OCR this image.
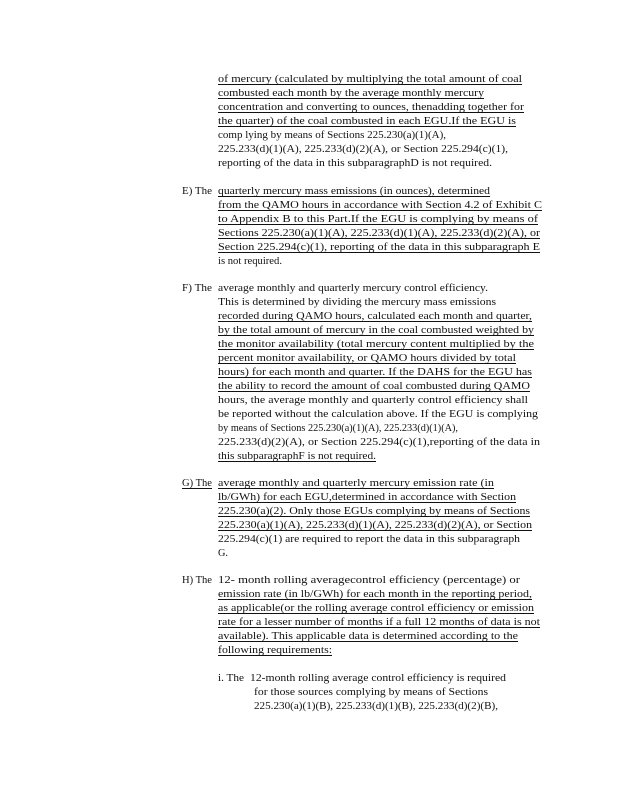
of mercury (calculated by multiplying the total amount of coal
combusted each month by the average monthly mercury
concentration and converting to ounces, thenadding together for
the quarter) of the coal combusted in each EGU.If the EGU is
comp lying by means of Sections 225.230(a)(1)(A),
225.233(d)(1)(A), 225.233(d)(2)(A), or Section 225.294(c)(1),
reporting of the data in this subparagraphD is not required.
E) The quarterly mercury mass emissions (in ounces), determined
from the QAMO hours in accordance with Section 4.2 of Exhibit C
to Appendix B to this Part.If the EGU is complying by means of
Sections 225.230(a)(1)(A), 225.233(d)(1)(A), 225.233(d)(2)(A), or
Section 225.294(c)(1), reporting of the data in this subparagraph E
is not required.
F) The average monthly and quarterly mercury control efficiency.
This is determined by dividing the mercury mass emissions
recorded during QAMO hours, calculated each month and quarter,
by the total amount of mercury in the coal combusted weighted by
the monitor availability (total mercury content multiplied by the
percent monitor availability, or QAMO hours divided by total
hours) for each month and quarter. If the DAHS for the EGU has
the ability to record the amount of coal combusted during QAMO
hours, the average monthly and quarterly control efficiency shall
be reported without the calculation above. If the EGU is complying
by means of Sections 225.230(a)(1)(A), 225.233(d)(1)(A),
225.233(d)(2)(A), or Section 225.294(c)(1),reporting of the data in
this subparagraphF is not required.
G) The average monthly and quarterly mercury emission rate (in
lb/GWh) for each EGU,determined in accordance with Section
225.230(a)(2). Only those EGUs complying by means of Sections
225.230(a)(1)(A), 225.233(d)(1)(A), 225.233(d)(2)(A), or Section
225.294(c)(1) are required to report the data in this subparagraph
G.
H) The 12- month rolling averagecontrol efficiency (percentage) or
emission rate (in lb/GWh) for each month in the reporting period,
as applicable(or the rolling average control efficiency or emission
rate for a lesser number of months if a full 12 months of data is not
available). This applicable data is determined according to the
following requirements:
i. The 12-month rolling average control efficiency is required
for those sources complying by means of Sections
225.230(a)(1)(B), 225.233(d)(1)(B), 225.233(d)(2)(B),
